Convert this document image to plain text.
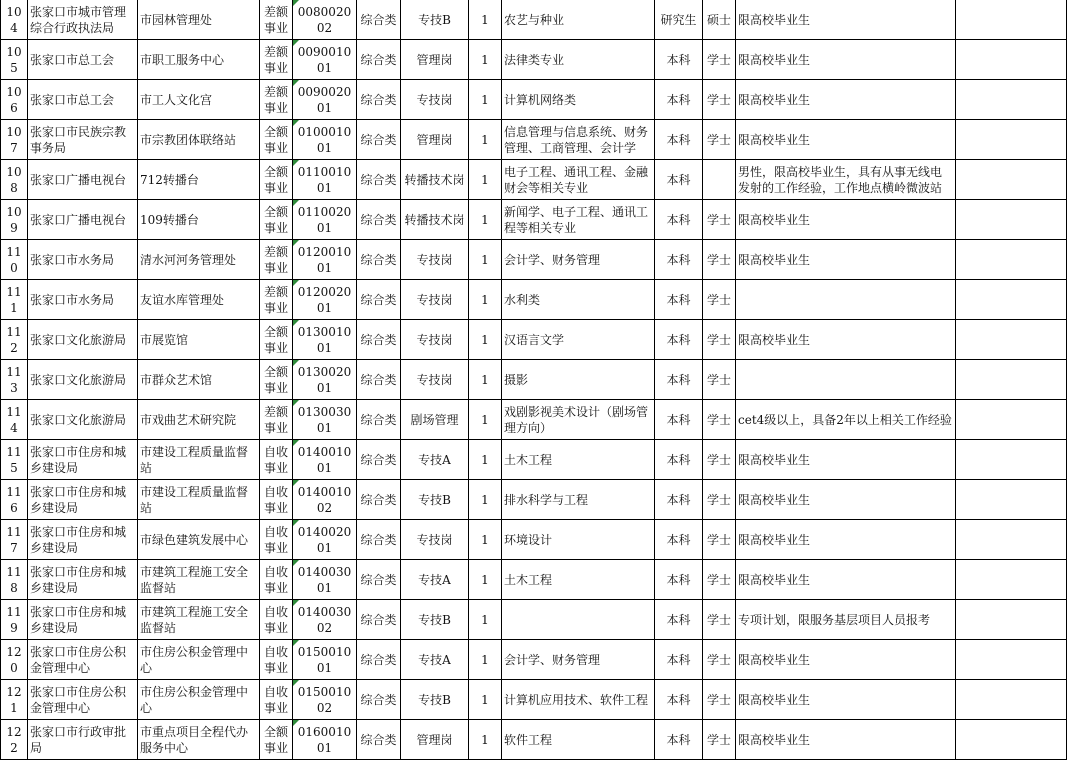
104	张家口市城市管理综合行政执法局	市园林管理处	差额事业	008002002	综合类	专技B	1	农艺与种业	研究生	硕士	限高校毕业生	
105	张家口市总工会	市职工服务中心	差额事业	009001001	综合类	管理岗	1	法律类专业	本科	学士	限高校毕业生	
106	张家口市总工会	市工人文化宫	差额事业	009002001	综合类	专技岗	1	计算机网络类	本科	学士	限高校毕业生	
107	张家口市民族宗教事务局	市宗教团体联络站	全额事业	010001001	综合类	管理岗	1	信息管理与信息系统、财务管理、工商管理、会计学	本科	学士	限高校毕业生	
108	张家口广播电视台	712转播台	全额事业	011001001	综合类	转播技术岗	1	电子工程、通讯工程、金融财会等相关专业	本科		男性，限高校毕业生，具有从事无线电发射的工作经验，工作地点横岭微波站	
109	张家口广播电视台	109转播台	全额事业	011002001	综合类	转播技术岗	1	新闻学、电子工程、通讯工程等相关专业	本科	学士	限高校毕业生	
110	张家口市水务局	清水河河务管理处	差额事业	012001001	综合类	专技岗	1	会计学、财务管理	本科	学士	限高校毕业生	
111	张家口市水务局	友谊水库管理处	差额事业	012002001	综合类	专技岗	1	水利类	本科	学士		
112	张家口文化旅游局	市展览馆	全额事业	013001001	综合类	专技岗	1	汉语言文学	本科	学士	限高校毕业生	
113	张家口文化旅游局	市群众艺术馆	全额事业	013002001	综合类	专技岗	1	摄影	本科	学士		
114	张家口文化旅游局	市戏曲艺术研究院	差额事业	013003001	综合类	剧场管理	1	戏剧影视美术设计（剧场管理方向）	本科	学士	cet4级以上，具备2年以上相关工作经验	
115	张家口市住房和城乡建设局	市建设工程质量监督站	自收事业	014001001	综合类	专技A	1	土木工程	本科	学士	限高校毕业生	
116	张家口市住房和城乡建设局	市建设工程质量监督站	自收事业	014001002	综合类	专技B	1	排水科学与工程	本科	学士	限高校毕业生	
117	张家口市住房和城乡建设局	市绿色建筑发展中心	自收事业	014002001	综合类	专技岗	1	环境设计	本科	学士	限高校毕业生	
118	张家口市住房和城乡建设局	市建筑工程施工安全监督站	自收事业	014003001	综合类	专技A	1	土木工程	本科	学士	限高校毕业生	
119	张家口市住房和城乡建设局	市建筑工程施工安全监督站	自收事业	014003002	综合类	专技B	1		本科	学士	专项计划，限服务基层项目人员报考	
120	张家口市住房公积金管理中心	市住房公积金管理中心	自收事业	015001001	综合类	专技A	1	会计学、财务管理	本科	学士	限高校毕业生	
121	张家口市住房公积金管理中心	市住房公积金管理中心	自收事业	015001002	综合类	专技B	1	计算机应用技术、软件工程	本科	学士	限高校毕业生	
122	张家口市行政审批局	市重点项目全程代办服务中心	全额事业	016001001	综合类	管理岗	1	软件工程	本科	学士	限高校毕业生	
